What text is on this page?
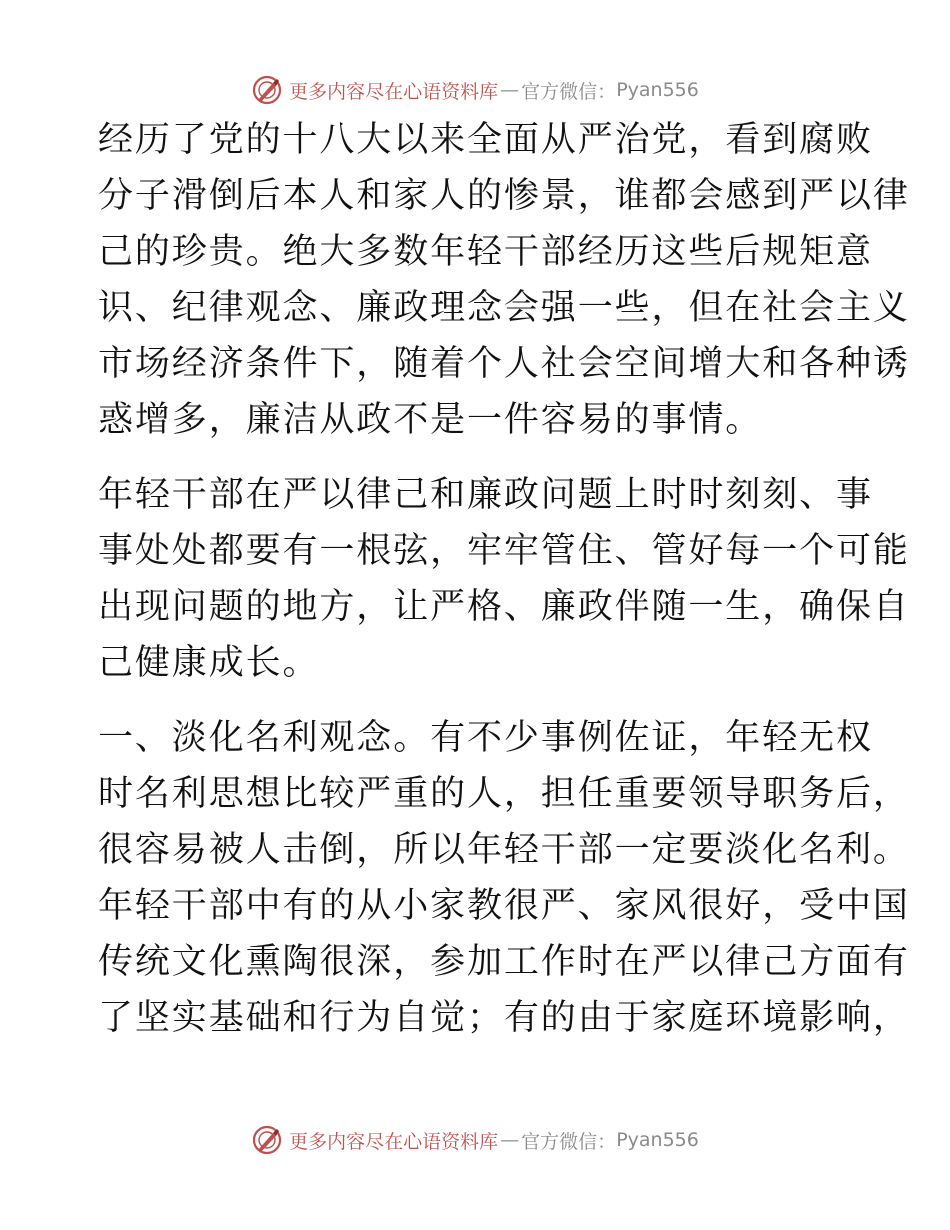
更多内容尽在心语资料库 — 官方微信： Pyan556

经历了党的十八大以来全面从严治党，看到腐败
分子滑倒后本人和家人的惨景，谁都会感到严以律
己的珍贵。绝大多数年轻干部经历这些后规矩意
识、纪律观念、廉政理念会强一些，但在社会主义
市场经济条件下，随着个人社会空间增大和各种诱
惑增多，廉洁从政不是一件容易的事情。

年轻干部在严以律己和廉政问题上时时刻刻、事
事处处都要有一根弦，牢牢管住、管好每一个可能
出现问题的地方，让严格、廉政伴随一生，确保自
己健康成长。

一、淡化名利观念。有不少事例佐证，年轻无权
时名利思想比较严重的人，担任重要领导职务后，
很容易被人击倒，所以年轻干部一定要淡化名利。
年轻干部中有的从小家教很严、家风很好，受中国
传统文化熏陶很深，参加工作时在严以律己方面有
了坚实基础和行为自觉；有的由于家庭环境影响，

更多内容尽在心语资料库 — 官方微信： Pyan556
